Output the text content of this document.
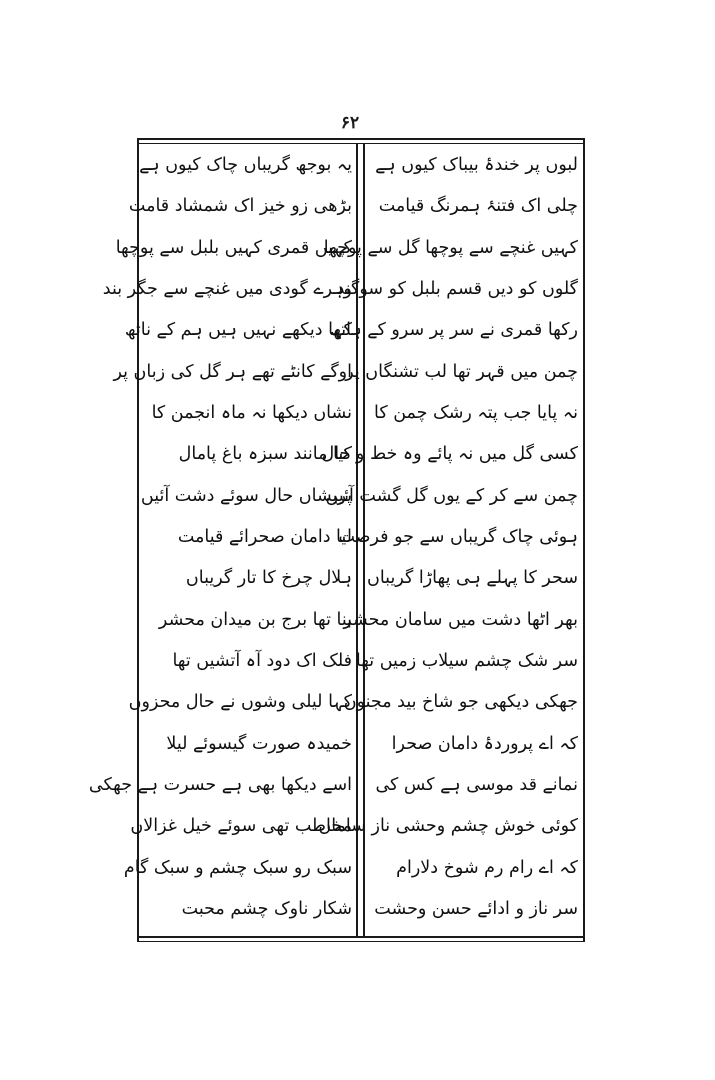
۶۲
لبوں پر خندۂ بیباک کیوں ہے
چلی اک فتنۂ ہمرنگ قیامت
کہیں غنچے سے پوچھا گل سے پوچھا
گلوں کو دیں قسم بلبل کو سوگند
رکھا قمری نے سر پر سرو کے ہاتھ
چمن میں قہر تھا لب تشنگاں پر
نہ پایا جب پتہ رشک چمن کا
کسی گل میں نہ پائے وہ خط و خال
چمن سے کر کے یوں گل گشت آئیں
ہوئی چاک گریباں سے جو فرصت
سحر کا پہلے ہی پھاڑا گریباں
بھر اٹھا دشت میں سامان محشر
سر شک چشم سیلاب زمیں تھا
جھکی دیکھی جو شاخ بید مجنوں
کہ اے پروردۂ دامان صحرا
نمانے قد موسی ہے کس کی
کوئی خوش چشم وحشی ناز ساماں
کہ اے رام رم شوخ دلارام
سر ناز و ادائے حسن وحشت
یہ بوجھ گریباں چاک کیوں ہے
بڑھی زو خیز اک شمشاد قامت
کہیں قمری کہیں بلبل سے پوچھا
وہرے گودی میں غنچے سے جگر بند
کہا دیکھے نہیں ہیں ہم کے ناتھ
اوگے کانٹے تھے ہر گل کی زباں پر
نشاں دیکھا نہ ماہ انجمن کا
کیا مانند سبزہ باغ پامال
پریشاں حال سوئے دشت آئیں
لیا دامان صحرائے قیامت
ہلال چرخ کا تار گریباں
بنا تھا برج بن میدان محشر
فلک اک دود آہ آتشیں تھا
کہا لیلی وشوں نے حال محزوں
خمیدہ صورت گیسوئے لیلا
اسے دیکھا بھی ہے حسرت ہے جھکی
مخاطب تھی سوئے خیل غزالاں
سبک رو سبک چشم و سبک گام
شکار ناوک چشم محبت
